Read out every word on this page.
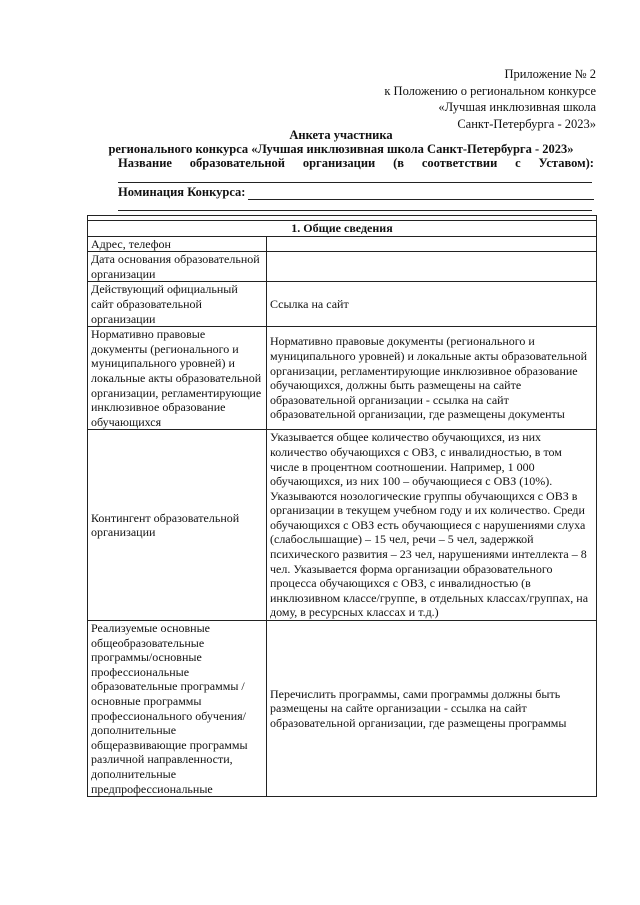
Приложение № 2
к Положению о региональном конкурсе
«Лучшая инклюзивная школа
Санкт-Петербурга - 2023»
Анкета участника
регионального конкурса «Лучшая инклюзивная школа Санкт-Петербурга - 2023»
Название образовательной организации (в соответствии с Уставом):
Номинация Конкурса:

1. Общие сведения	
Адрес, телефон	
Дата основания образовательной организации	
Действующий официальный сайт образовательной организации	Ссылка на сайт
Нормативно правовые документы (регионального и муниципального уровней) и локальные акты образовательной организации, регламентирующие инклюзивное образование обучающихся	Нормативно правовые документы (регионального и муниципального уровней) и локальные акты образовательной организации, регламентирующие инклюзивное образование обучающихся, должны быть размещены на сайте образовательной организации - ссылка на сайт образовательной организации, где размещены документы
Контингент образовательной организации	Указывается общее количество обучающихся, из них количество обучающихся с ОВЗ, с инвалидностью, в том числе в процентном соотношении. Например, 1 000 обучающихся, из них 100 – обучающиеся с ОВЗ (10%). Указываются нозологические группы обучающихся с ОВЗ в организации в текущем учебном году и их количество. Среди обучающихся с ОВЗ есть обучающиеся с нарушениями слуха (слабослышащие) – 15 чел, речи – 5 чел, задержкой психического развития – 23 чел, нарушениями интеллекта – 8 чел. Указывается форма организации образовательного процесса обучающихся с ОВЗ, с инвалидностью (в инклюзивном классе/группе, в отдельных классах/группах, на дому, в ресурсных классах и т.д.)
Реализуемые основные общеобразовательные программы/основные профессиональные образовательные программы /основные программы профессионального обучения/ дополнительные общеразвивающие программы различной направленности, дополнительные предпрофессиональные	Перечислить программы, сами программы должны быть размещены на сайте организации - ссылка на сайт образовательной организации, где размещены программы
